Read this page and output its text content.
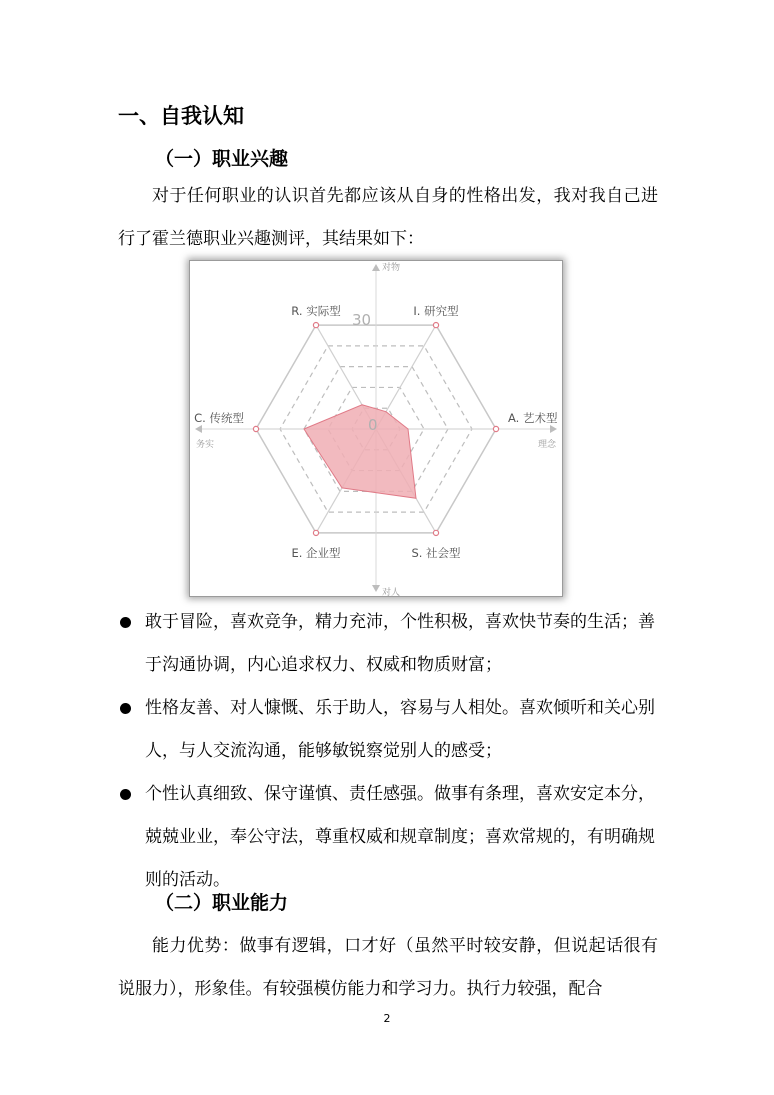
一、自我认知
（一）职业兴趣
对于任何职业的认识首先都应该从自身的性格出发，我对我自己进行了霍兰德职业兴趣测评，其结果如下：
对物
对人
务实	理念
R. 实际型	I. 研究型
A. 艺术型
S. 社会型
E. 企业型
C. 传统型
30
0
敢于冒险，喜欢竞争，精力充沛，个性积极，喜欢快节奏的生活；善于沟通协调，内心追求权力、权威和物质财富；
性格友善、对人慷慨、乐于助人，容易与人相处。喜欢倾听和关心别人，与人交流沟通，能够敏锐察觉别人的感受；
个性认真细致、保守谨慎、责任感强。做事有条理，喜欢安定本分，兢兢业业，奉公守法，尊重权威和规章制度；喜欢常规的，有明确规则的活动。
（二）职业能力
能力优势：做事有逻辑，口才好（虽然平时较安静，但说起话很有说服力），形象佳。有较强模仿能力和学习力。执行力较强，配合
2
